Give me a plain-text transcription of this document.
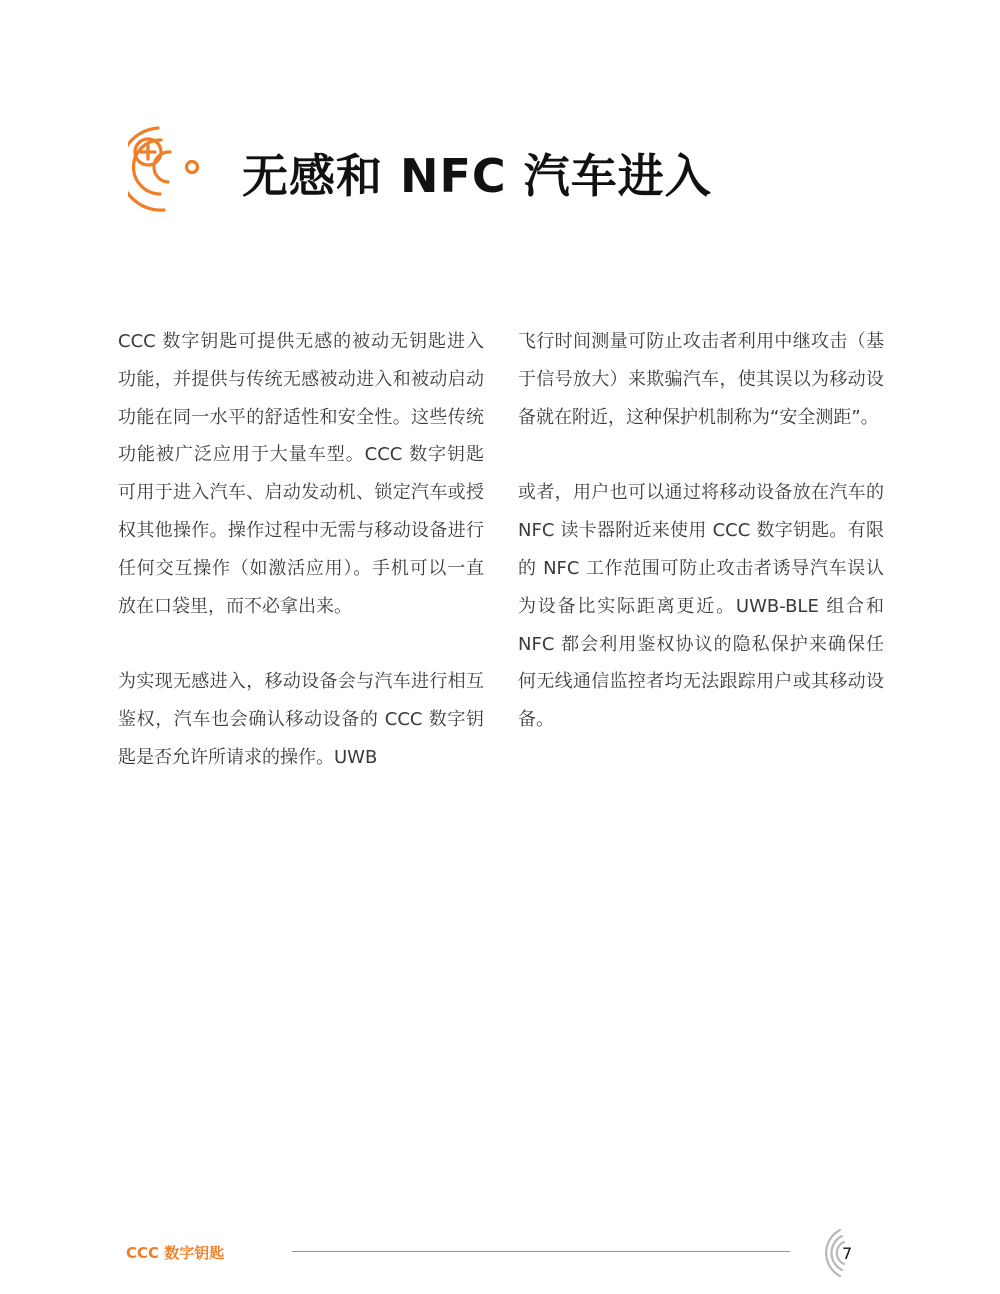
无感和 NFC 汽车进入

CCC 数字钥匙可提供无感的被动无钥匙进入功能，并提供与传统无感被动进入和被动启动功能在同一水平的舒适性和安全性。这些传统功能被广泛应用于大量车型。CCC 数字钥匙可用于进入汽车、启动发动机、锁定汽车或授权其他操作。操作过程中无需与移动设备进行任何交互操作（如激活应用）。手机可以一直放在口袋里，而不必拿出来。

为实现无感进入，移动设备会与汽车进行相互鉴权，汽车也会确认移动设备的 CCC 数字钥匙是否允许所请求的操作。UWB

飞行时间测量可防止攻击者利用中继攻击（基于信号放大）来欺骗汽车，使其误以为移动设备就在附近，这种保护机制称为“安全测距”。

或者，用户也可以通过将移动设备放在汽车的 NFC 读卡器附近来使用 CCC 数字钥匙。有限的 NFC 工作范围可防止攻击者诱导汽车误认为设备比实际距离更近。UWB-BLE 组合和 NFC 都会利用鉴权协议的隐私保护来确保任何无线通信监控者均无法跟踪用户或其移动设备。

CCC 数字钥匙	7
